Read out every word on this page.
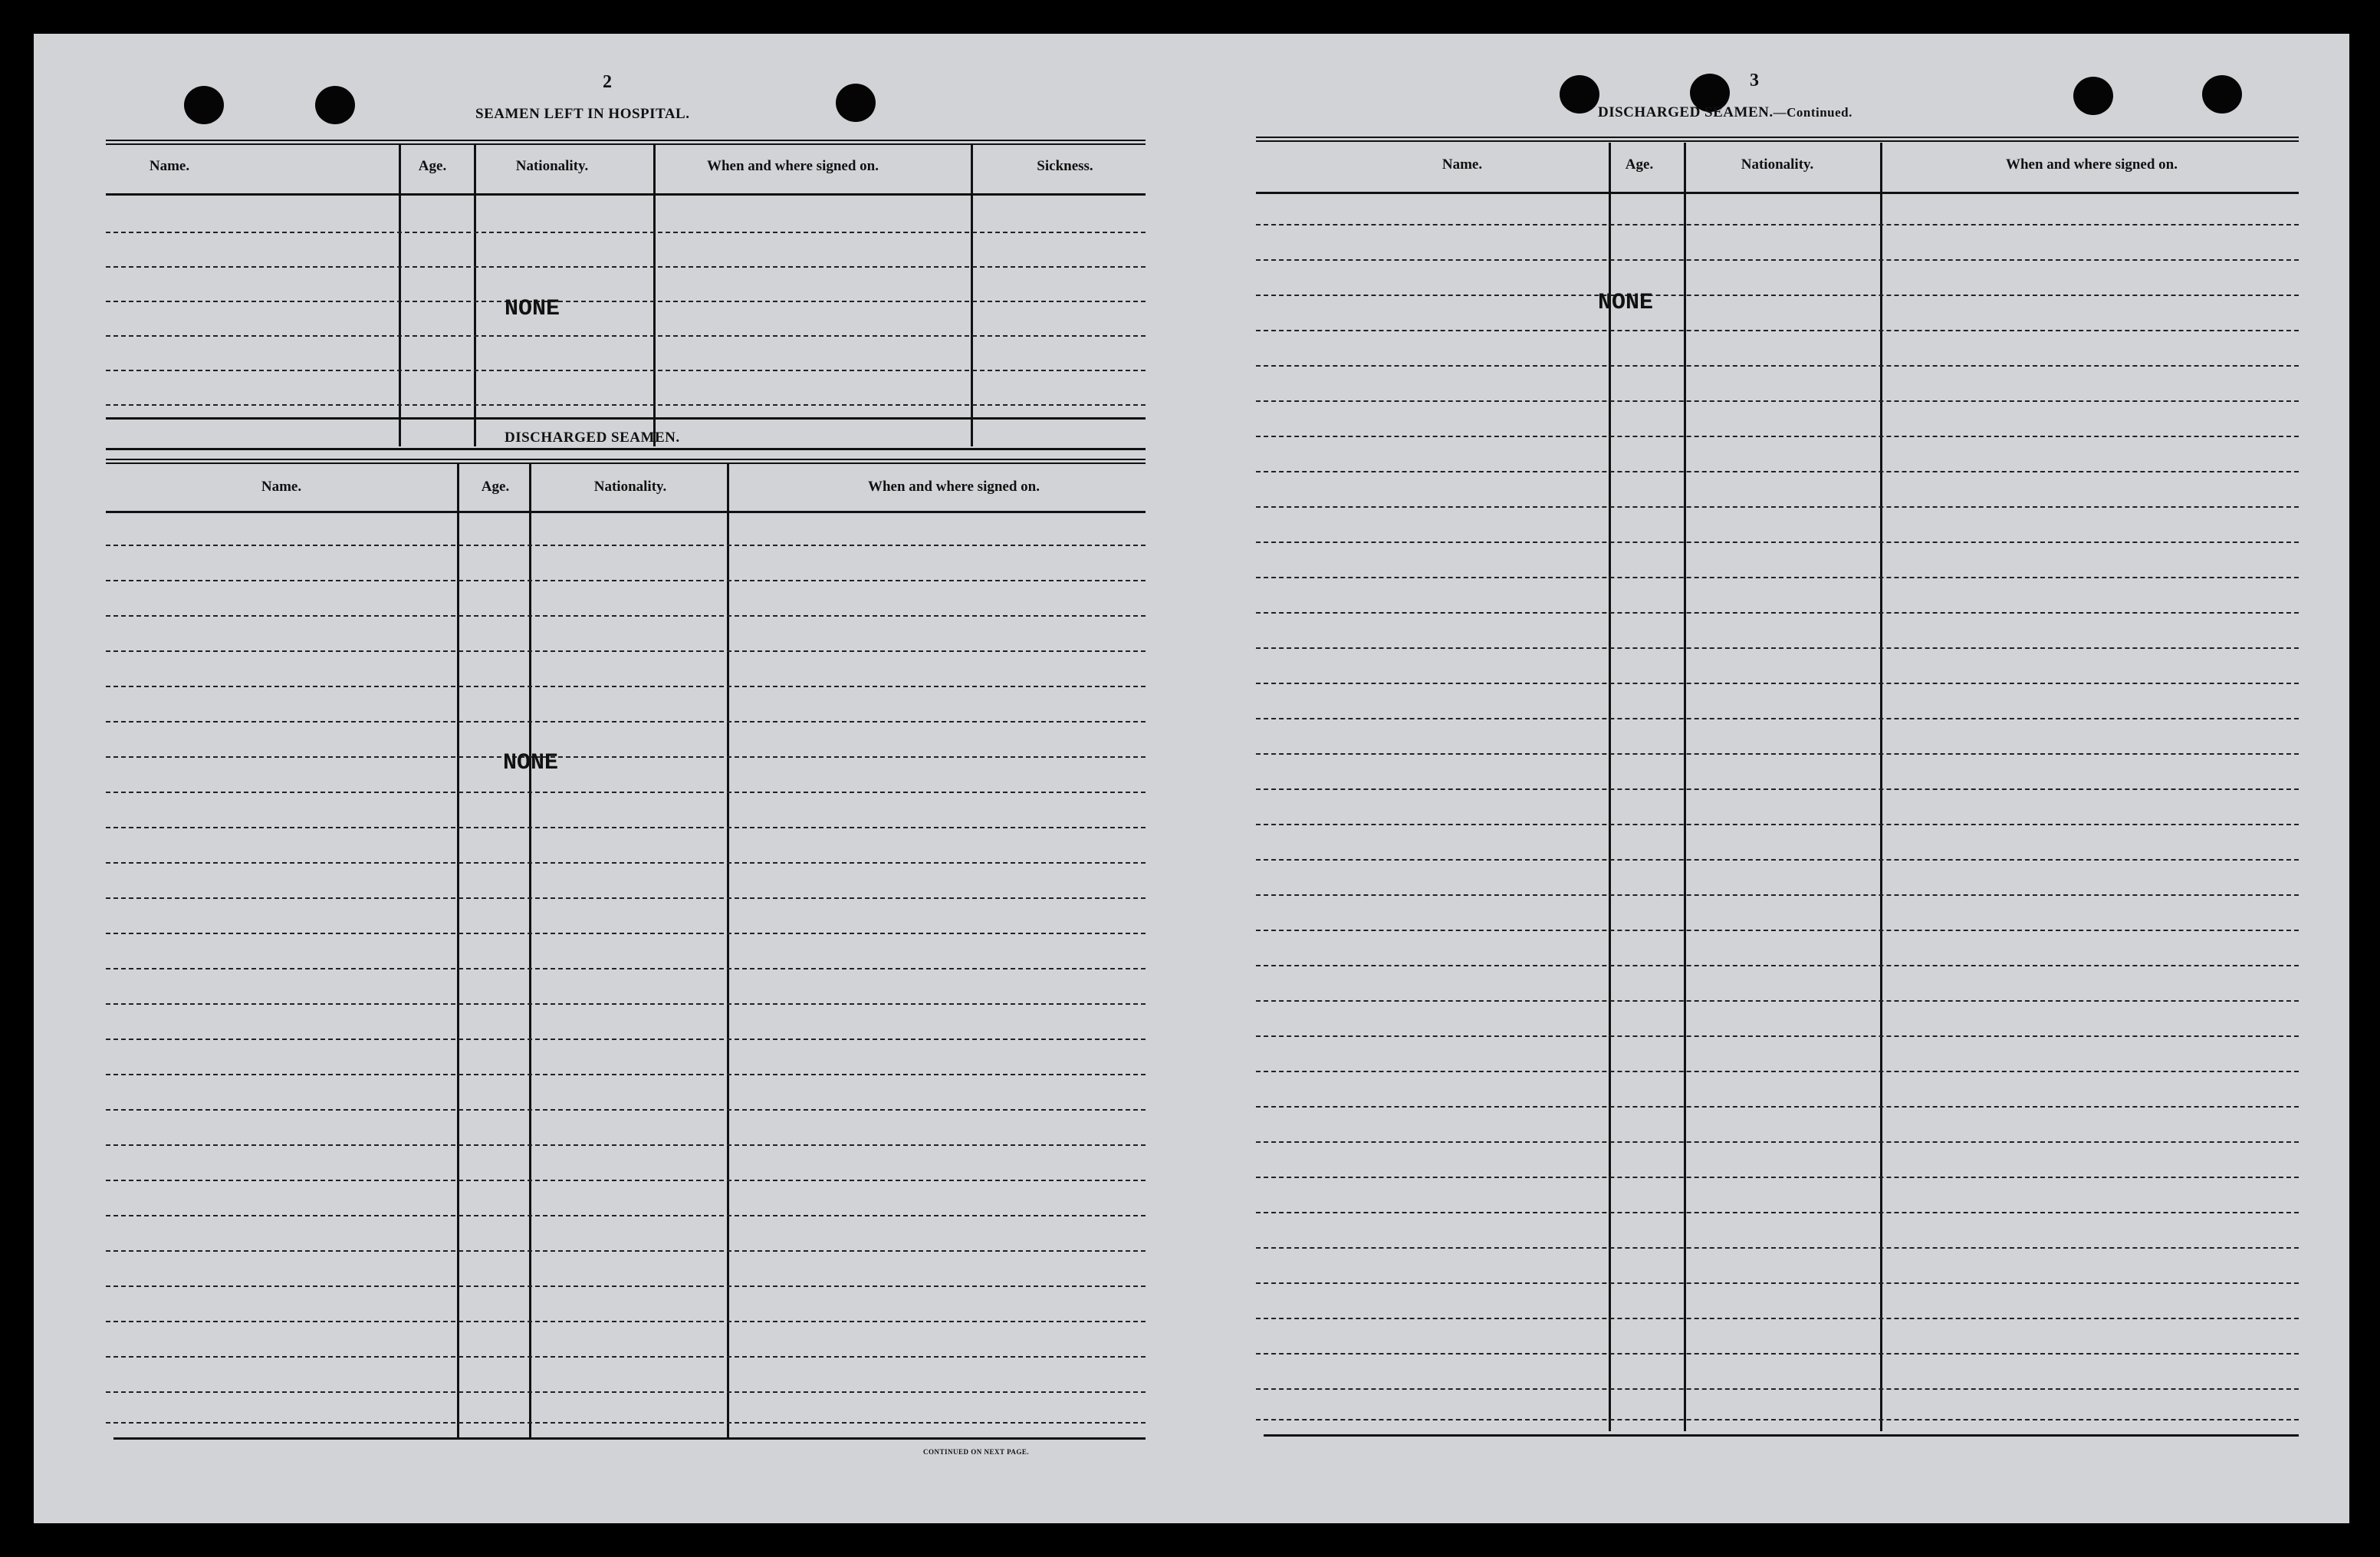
2
SEAMEN LEFT IN HOSPITAL.
Name.	Age.	Nationality.	When and where signed on.	Sickness.
NONE
DISCHARGED SEAMEN.
Name.	Age.	Nationality.	When and where signed on.
NONE
CONTINUED ON NEXT PAGE.
3
DISCHARGED SEAMEN.—Continued.
Name.	Age.	Nationality.	When and where signed on.
NONE
